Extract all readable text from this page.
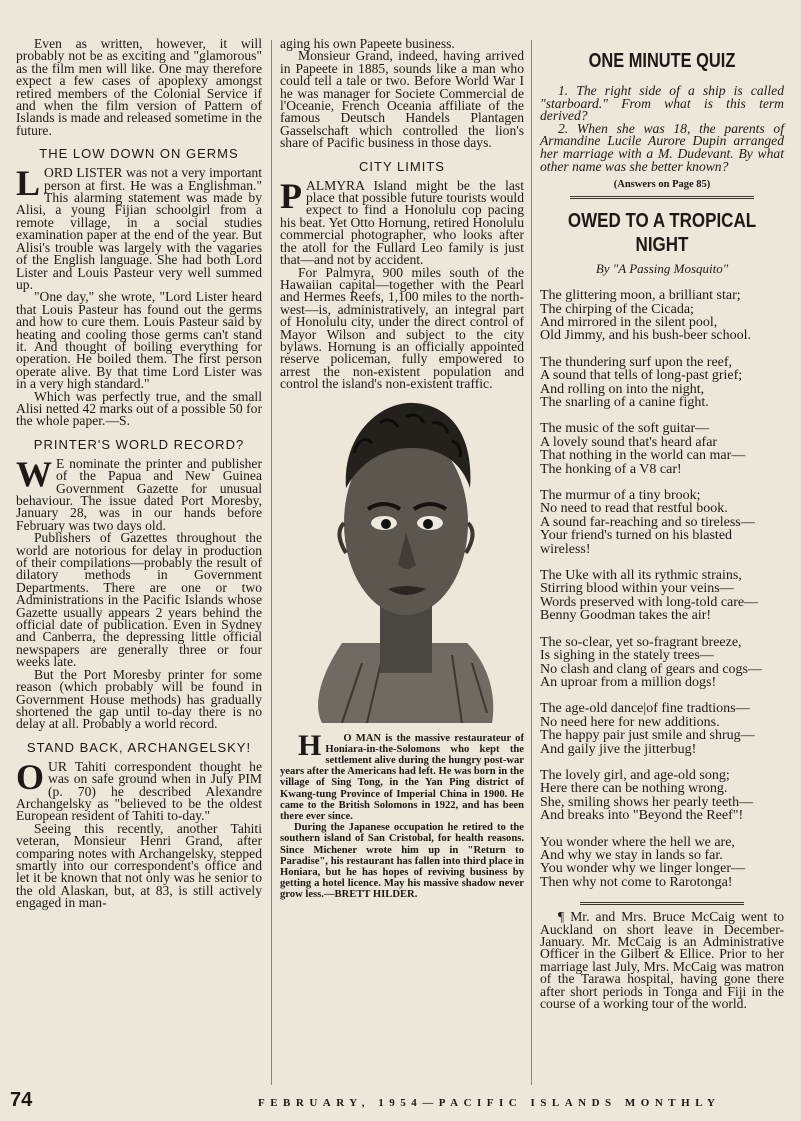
Even as written, however, it will probably not be as exciting and "glamorous" as the film men will like. One may therefore expect a few cases of apoplexy amongst retired members of the Colonial Service if and when the film version of Pattern of Islands is made and released sometime in the future.

THE LOW DOWN ON GERMS

LORD LISTER was not a very important person at first. He was a Englishman." This alarming statement was made by Alisi, a young Fijian schoolgirl from a remote village, in a social studies examination paper at the end of the year. But Alisi's trouble was largely with the vagaries of the English language. She had both Lord Lister and Louis Pasteur very well summed up.

"One day," she wrote, "Lord Lister heard that Louis Pasteur has found out the germs and how to cure them. Louis Pasteur said by heating and cooling those germs can't stand it. And thought of boiling everything for operation. He boiled them. The first person operate alive. By that time Lord Lister was in a very high standard."

Which was perfectly true, and the small Alisi netted 42 marks out of a possible 50 for the whole paper.—S.

PRINTER'S WORLD RECORD?

W E nominate the printer and publisher of the Papua and New Guinea Government Gazette for unusual behaviour. The issue dated Port Moresby, January 28, was in our hands before February was two days old.

Publishers of Gazettes throughout the world are notorious for delay in production of their compilations—probably the result of dilatory methods in Government Departments. There are one or two Administrations in the Pacific Islands whose Gazette usually appears 2 years behind the official date of publication. Even in Sydney and Canberra, the depressing little official newspapers are generally three or four weeks late.

But the Port Moresby printer for some reason (which probably will be found in Government House methods) has gradually shortened the gap until to-day there is no delay at all. Probably a world record.

STAND BACK, ARCHANGELSKY!

OUR Tahiti correspondent thought he was on safe ground when in July PIM (p. 70) he described Alexandre Archangelsky as "believed to be the oldest European resident of Tahiti to-day."

Seeing this recently, another Tahiti veteran, Monsieur Henri Grand, after comparing notes with Archangelsky, stepped smartly into our correspondent's office and let it be known that not only was he senior to the old Alaskan, but, at 83, is still actively engaged in man-

aging his own Papeete business.

Monsieur Grand, indeed, having arrived in Papeete in 1885, sounds like a man who could tell a tale or two. Before World War I he was manager for Societe Commercial de l'Oceanie, French Oceania affiliate of the famous Deutsch Handels Plantagen Gasselschaft which controlled the lion's share of Pacific business in those days.

CITY LIMITS

PALMYRA Island might be the last place that possible future tourists would expect to find a Honolulu cop pacing his beat. Yet Otto Hornung, retired Honolulu commercial photographer, who looks after the atoll for the Fullard Leo family is just that—and not by accident.

For Palmyra, 900 miles south of the Hawaiian capital—together with the Pearl and Hermes Reefs, 1,100 miles to the north-west—is, administratively, an integral part of Honolulu city, under the direct control of Mayor Wilson and subject to the city bylaws. Hornung is an officially appointed reserve policeman, fully empowered to arrest the non-existent population and control the island's non-existent traffic.

H O MAN is the massive restaurateur of Honiara-in-the-Solomons who kept the settlement alive during the hungry post-war years after the Americans had left. He was born in the village of Sing Tong, in the Yan Ping district of Kwang-tung Province of Imperial China in 1900. He came to the British Solomons in 1922, and has been there ever since.

During the Japanese occupation he retired to the southern island of San Cristobal, for health reasons. Since Michener wrote him up in "Return to Paradise", his restaurant has fallen into third place in Honiara, but he has hopes of reviving business by getting a hotel licence. May his massive shadow never grow less.—BRETT HILDER.

ONE MINUTE QUIZ

1. The right side of a ship is called "starboard." From what is this term derived?

2. When she was 18, the parents of Armandine Lucile Aurore Dupin arranged her marriage with a M. Dudevant. By what other name was she better known?

(Answers on Page 85)
OWED TO A TROPICAL NIGHT
By "A Passing Mosquito"
The glittering moon, a brilliant star;
The chirping of the Cicada;
And mirrored in the silent pool,
Old Jimmy, and his bush-beer school.
The thundering surf upon the reef,
A sound that tells of long-past grief;
And rolling on into the night,
The snarling of a canine fight.
The music of the soft guitar—
A lovely sound that's heard afar
That nothing in the world can mar—
The honking of a V8 car!
The murmur of a tiny brook;
No need to read that restful book.
A sound far-reaching and so tireless—
Your friend's turned on his blasted wireless!
The Uke with all its rythmic strains,
Stirring blood within your veins—
Words preserved with long-told care—
Benny Goodman takes the air!
The so-clear, yet so-fragrant breeze,
Is sighing in the stately trees—
No clash and clang of gears and cogs—
An uproar from a million dogs!
The age-old dance|of fine tradtions—
No need here for new additions.
The happy pair just smile and shrug—
And gaily jive the jitterbug!
The lovely girl, and age-old song;
Here there can be nothing wrong.
She, smiling shows her pearly teeth—
And breaks into "Beyond the Reef"!
You wonder where the hell we are,
And why we stay in lands so far.
You wonder why we linger longer—
Then why not come to Rarotonga!

¶ Mr. and Mrs. Bruce McCaig went to Auckland on short leave in December-January. Mr. McCaig is an Administrative Officer in the Gilbert & Ellice. Prior to her marriage last July, Mrs. McCaig was matron of the Tarawa hospital, having gone there after short periods in Tonga and Fiji in the course of a working tour of the world.

74	FEBRUARY, 1954—PACIFIC ISLANDS MONTHLY
